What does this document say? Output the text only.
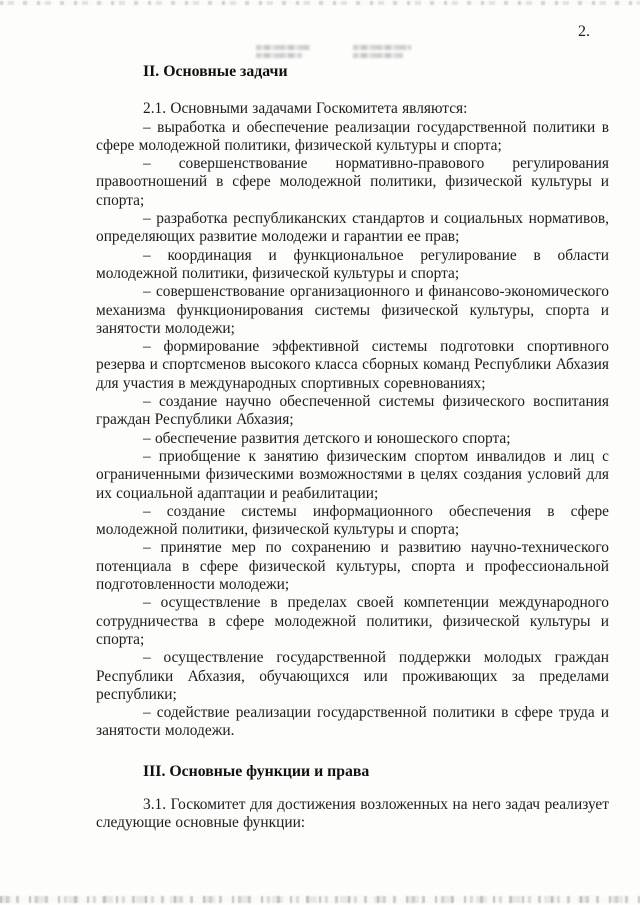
2.
II. Основные задачи

2.1. Основными задачами Госкомитета являются:

– выработка и обеспечение реализации государственной политики в сфере молодежной политики, физической культуры и спорта;

– совершенствование нормативно-правового регулирования правоотношений в сфере молодежной политики, физической культуры и спорта;

– разработка республиканских стандартов и социальных нормативов, определяющих развитие молодежи и гарантии ее прав;

– координация и функциональное регулирование в области молодежной политики, физической культуры и спорта;

– совершенствование организационного и финансово-экономического механизма функционирования системы физической культуры, спорта и занятости молодежи;

– формирование эффективной системы подготовки спортивного резерва и спортсменов высокого класса сборных команд Республики Абхазия для участия в международных спортивных соревнованиях;

– создание научно обеспеченной системы физического воспитания граждан Республики Абхазия;

– обеспечение развития детского и юношеского спорта;

– приобщение к занятию физическим спортом инвалидов и лиц с ограниченными физическими возможностями в целях создания условий для их социальной адаптации и реабилитации;

– создание системы информационного обеспечения в сфере молодежной политики, физической культуры и спорта;

– принятие мер по сохранению и развитию научно-технического потенциала в сфере физической культуры, спорта и профессиональной подготовленности молодежи;

– осуществление в пределах своей компетенции международного сотрудничества в сфере молодежной политики, физической культуры и спорта;

– осуществление государственной поддержки молодых граждан Республики Абхазия, обучающихся или проживающих за пределами республики;

– содействие реализации государственной политики в сфере труда и занятости молодежи.

III. Основные функции и права

3.1. Госкомитет для достижения возложенных на него задач реализует следующие основные функции:
